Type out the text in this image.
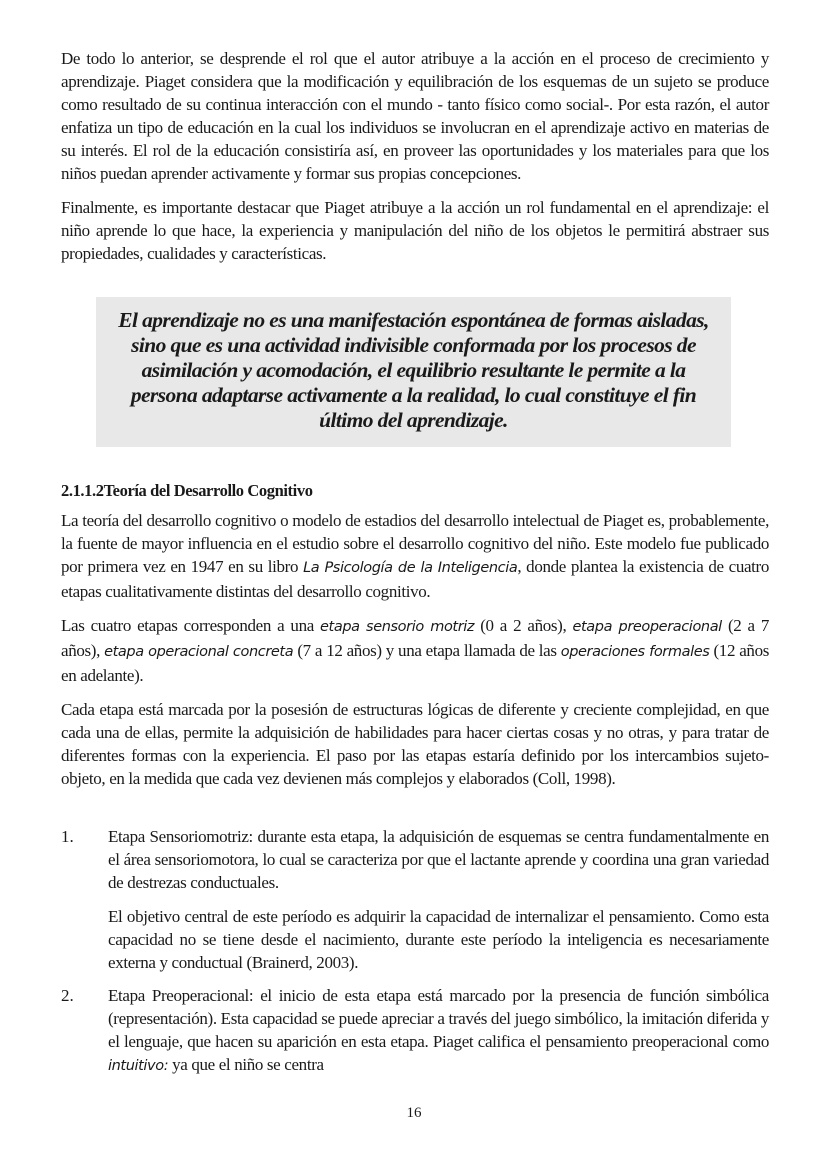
De todo lo anterior, se desprende el rol que el autor atribuye a la acción en el proceso de crecimiento y aprendizaje. Piaget considera que la modificación y equilibración de los esquemas de un sujeto se produce como resultado de su continua interacción con el mundo - tanto físico como social-. Por esta razón, el autor enfatiza un tipo de educación en la cual los individuos se involucran en el aprendizaje activo en materias de su interés. El rol de la educación consistiría así, en proveer las oportunidades y los materiales para que los niños puedan aprender activamente y formar sus propias concepciones.

Finalmente, es importante destacar que Piaget atribuye a la acción un rol fundamental en el aprendizaje: el niño aprende lo que hace, la experiencia y manipulación del niño de los objetos le permitirá abstraer sus propiedades, cualidades y características.

El aprendizaje no es una manifestación espontánea de formas aisladas, sino que es una actividad indivisible conformada por los procesos de asimilación y acomodación, el equilibrio resultante le permite a la persona adaptarse activamente a la realidad, lo cual constituye el fin último del aprendizaje.

2.1.1.2Teoría del Desarrollo Cognitivo

La teoría del desarrollo cognitivo o modelo de estadios del desarrollo intelectual de Piaget es, probablemente, la fuente de mayor influencia en el estudio sobre el desarrollo cognitivo del niño. Este modelo fue publicado por primera vez en 1947 en su libro La Psicología de la Inteligencia, donde plantea la existencia de cuatro etapas cualitativamente distintas del desarrollo cognitivo.

Las cuatro etapas corresponden a una etapa sensorio motriz (0 a 2 años), etapa preoperacional (2 a 7 años), etapa operacional concreta (7 a 12 años) y una etapa llamada de las operaciones formales (12 años en adelante).

Cada etapa está marcada por la posesión de estructuras lógicas de diferente y creciente complejidad, en que cada una de ellas, permite la adquisición de habilidades para hacer ciertas cosas y no otras, y para tratar de diferentes formas con la experiencia. El paso por las etapas estaría definido por los intercambios sujeto-objeto, en la medida que cada vez devienen más complejos y elaborados (Coll, 1998).

1.	Etapa Sensoriomotriz: durante esta etapa, la adquisición de esquemas se centra fundamentalmente en el área sensoriomotora, lo cual se caracteriza por que el lactante aprende y coordina una gran variedad de destrezas conductuales.

El objetivo central de este período es adquirir la capacidad de internalizar el pensamiento. Como esta capacidad no se tiene desde el nacimiento, durante este período la inteligencia es necesariamente externa y conductual (Brainerd, 2003).

2.	Etapa Preoperacional: el inicio de esta etapa está marcado por la presencia de función simbólica (representación). Esta capacidad se puede apreciar a través del juego simbólico, la imitación diferida y el lenguaje, que hacen su aparición en esta etapa. Piaget califica el pensamiento preoperacional como intuitivo: ya que el niño se centra

16
